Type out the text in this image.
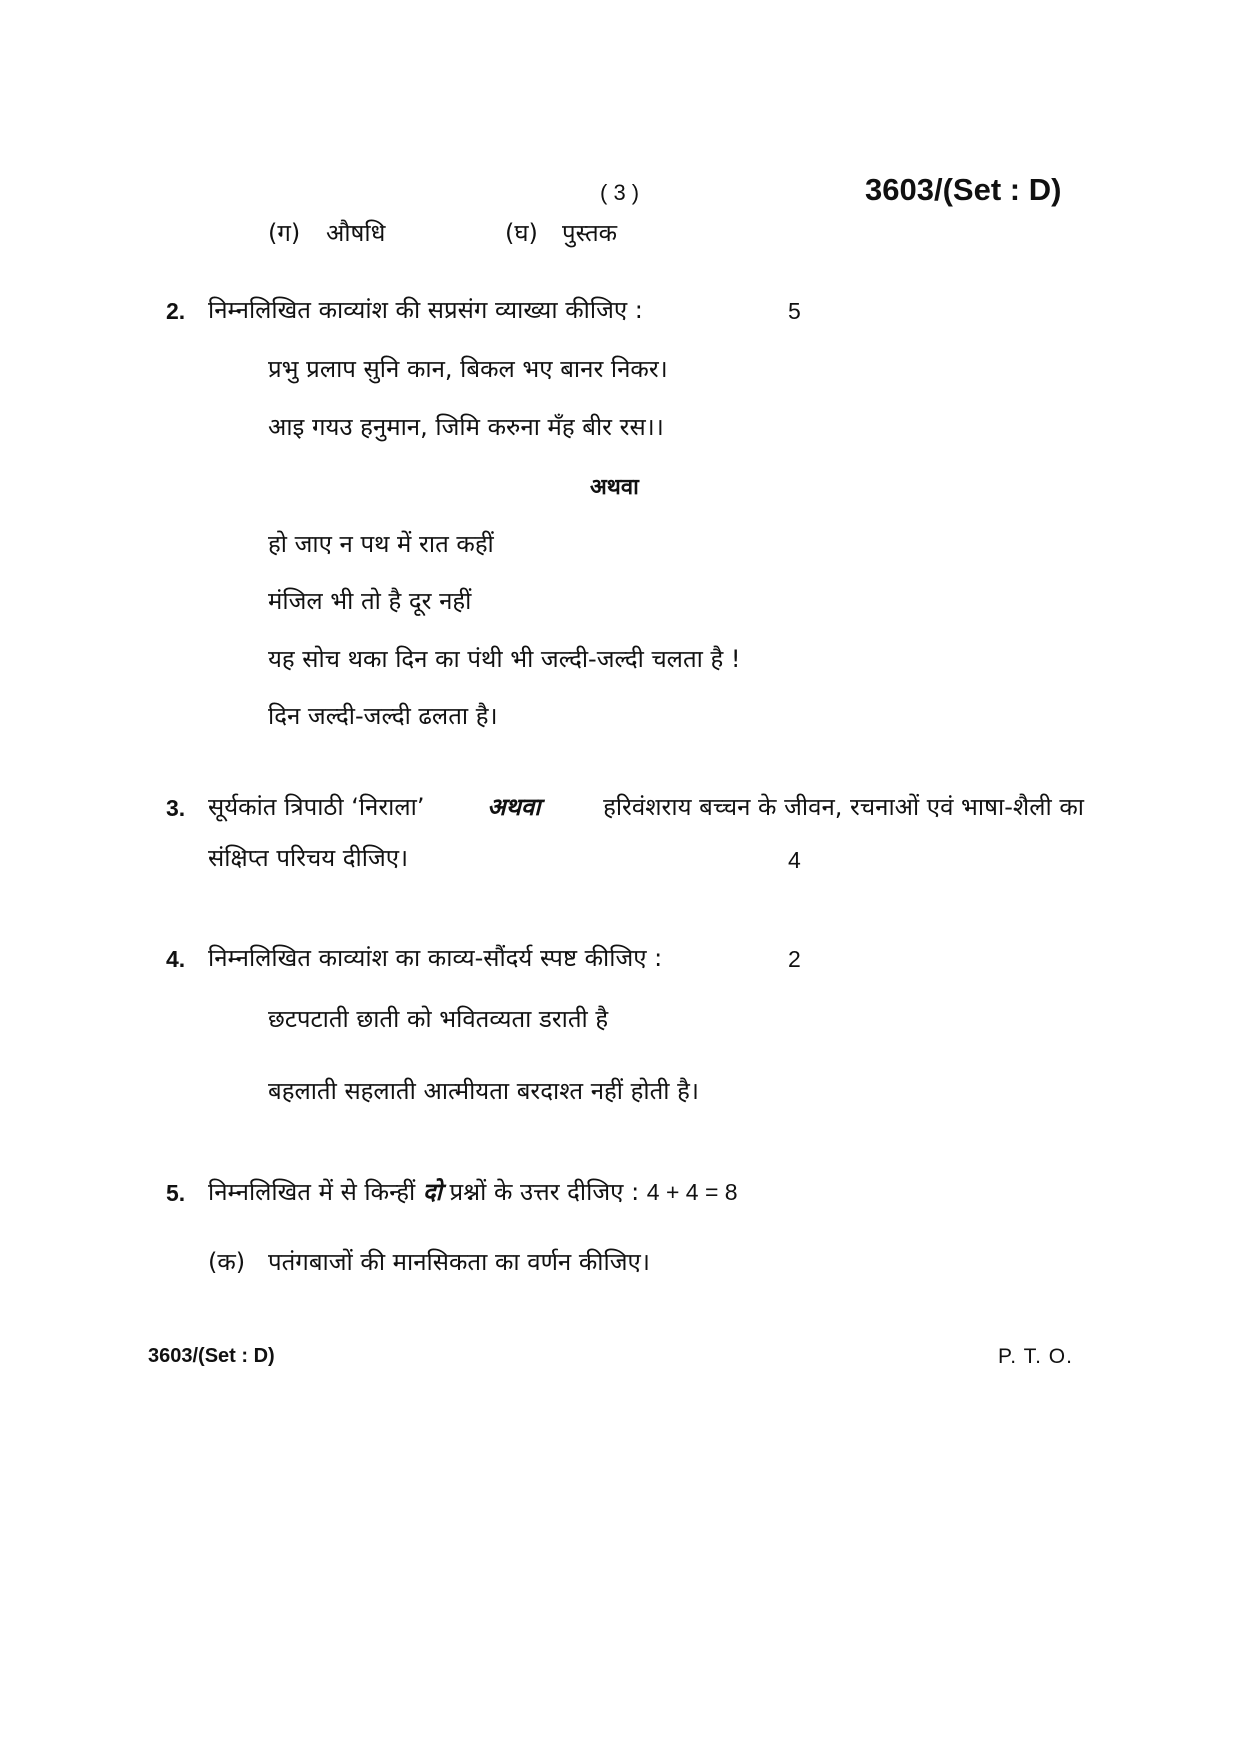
( 3 )	3603/(Set : D)
(ग) औषधि	(घ) पुस्तक
2. निम्नलिखित काव्यांश की सप्रसंग व्याख्या कीजिए :	5
प्रभु प्रलाप सुनि कान, बिकल भए बानर निकर।
आइ गयउ हनुमान, जिमि करुना मँह बीर रस।।
अथवा
हो जाए न पथ में रात कहीं
मंजिल भी तो है दूर नहीं
यह सोच थका दिन का पंथी भी जल्दी-जल्दी चलता है !
दिन जल्दी-जल्दी ढलता है।
3. सूर्यकांत त्रिपाठी ‘निराला’	अथवा	हरिवंशराय बच्चन के जीवन, रचनाओं एवं भाषा-शैली का
संक्षिप्त परिचय दीजिए।	4
4. निम्नलिखित काव्यांश का काव्य-सौंदर्य स्पष्ट कीजिए :	2
छटपटाती छाती को भवितव्यता डराती है
बहलाती सहलाती आत्मीयता बरदाश्त नहीं होती है।
5. निम्नलिखित में से किन्हीं दो प्रश्नों के उत्तर दीजिए : 4 + 4 = 8
(क) पतंगबाजों की मानसिकता का वर्णन कीजिए।
3603/(Set : D)	P. T. O.
